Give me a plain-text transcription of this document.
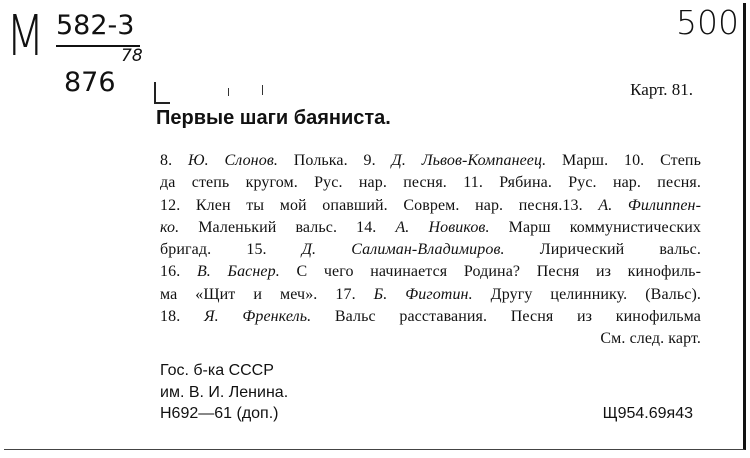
М 582-3
876
78
500
Карт. 81.
Первые шаги баяниста.
8. Ю. Слонов. Полька. 9. Д. Львов-Компанеец. Марш. 10. Степь
да степь кругом. Рус. нар. песня. 11. Рябина. Рус. нар. песня.
12. Клен ты мой опавший. Соврем. нар. песня.13. А. Филиппен-
ко. Маленький вальс. 14. А. Новиков. Марш коммунистических
бригад. 15. Д. Салиман-Владимиров. Лирический вальс.
16. В. Баснер. С чего начинается Родина? Песня из кинофиль-
ма «Щит и меч». 17. Б. Фиготин. Другу целиннику. (Вальс).
18. Я. Френкель. Вальс расставания. Песня из кинофильма
См. след. карт.
Гос. б-ка СССР
им. В. И. Ленина.
Н692—61 (доп.)	Щ954.69я43
